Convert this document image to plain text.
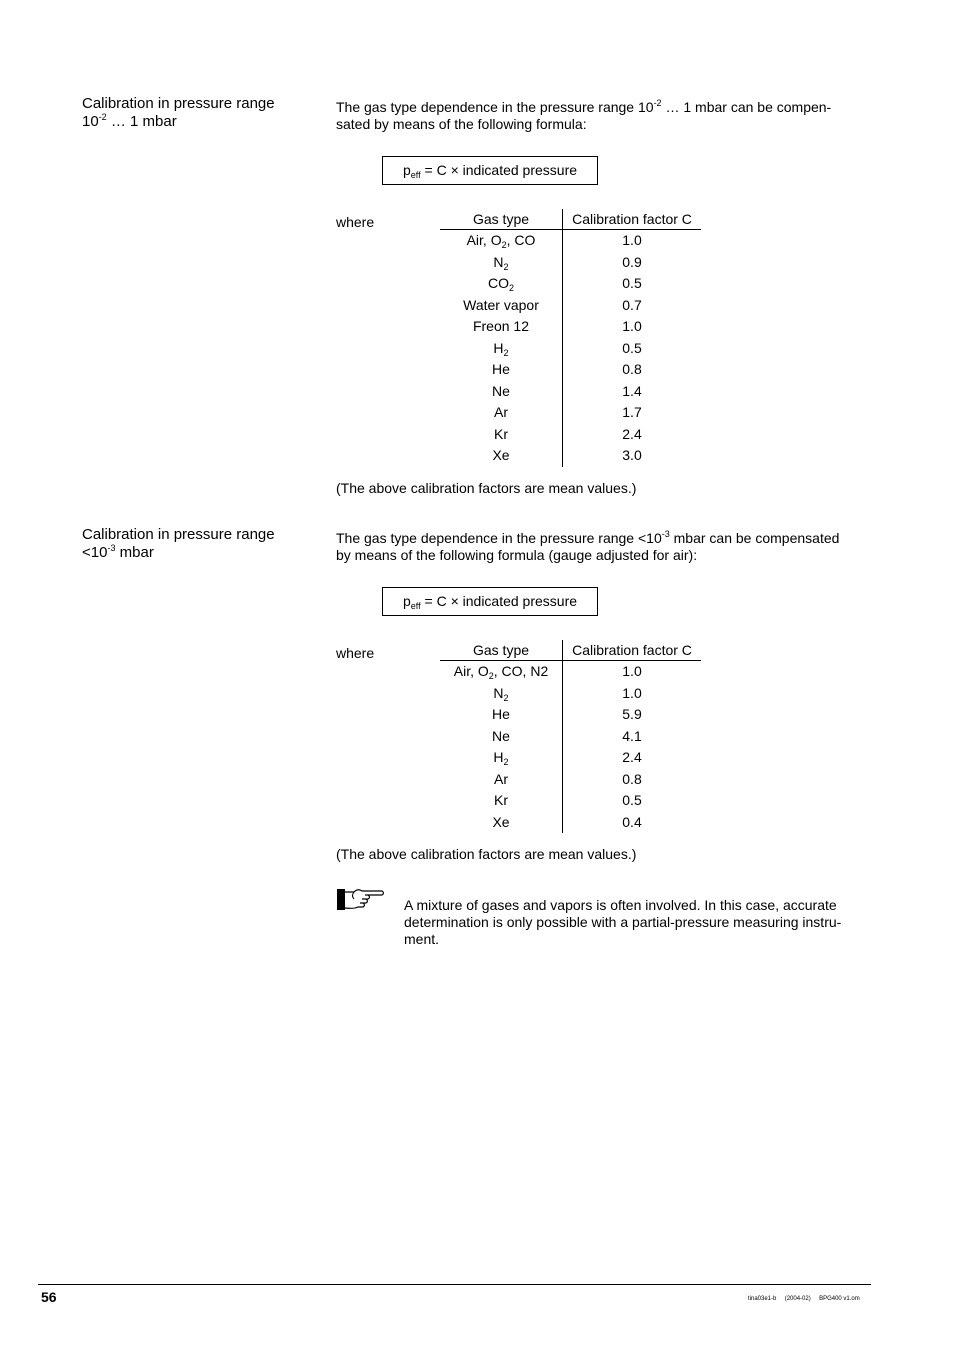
Calibration in pressure range
$10^{-2}$ … 1 mbar
The gas type dependence in the pressure range $10^{-2}$ … 1 mbar can be compen-
sated by means of the following formula:
$p_{eff} = C$ × indicated pressure
where	Gas type	Calibration factor C
Air, $O_2$, CO	1.0
$N_2$	0.9
$CO_2$	0.5
Water vapor	0.7
Freon 12	1.0
$H_2$	0.5
He	0.8
Ne	1.4
Ar	1.7
Kr	2.4
Xe	3.0
(The above calibration factors are mean values.)
Calibration in pressure range
$<10^{-3}$ mbar
The gas type dependence in the pressure range $<10^{-3}$ mbar can be compensated
by means of the following formula (gauge adjusted for air):
$p_{eff} = C$ × indicated pressure
where	Gas type	Calibration factor C
Air, $O_2$, CO, N2	1.0
$N_2$	1.0
He	5.9
Ne	4.1
$H_2$	2.4
Ar	0.8
Kr	0.5
Xe	0.4
(The above calibration factors are mean values.)
A mixture of gases and vapors is often involved. In this case, accurate
determination is only possible with a partial-pressure measuring instru-
ment.
56	tina03e1-b (2004-02) BPG400 v1.om
